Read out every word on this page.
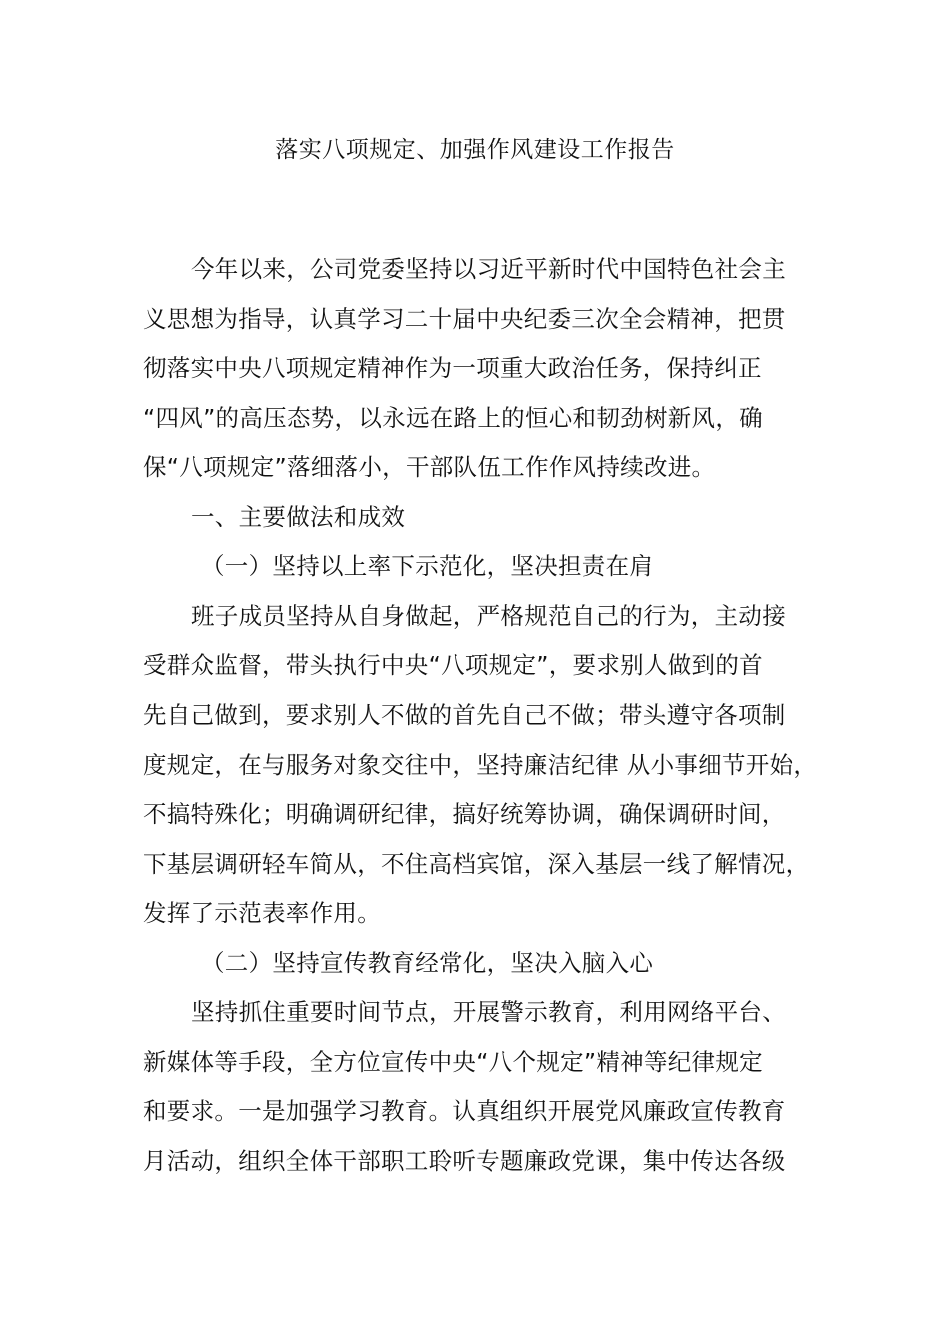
落实八项规定、加强作风建设工作报告

今年以来，公司党委坚持以习近平新时代中国特色社会主

义思想为指导，认真学习二十届中央纪委三次全会精神，把贯

彻落实中央八项规定精神作为一项重大政治任务，保持纠正

“四风”的高压态势，以永远在路上的恒心和韧劲树新风，确

保“八项规定”落细落小，干部队伍工作作风持续改进。

一、主要做法和成效

（一）坚持以上率下示范化，坚决担责在肩

班子成员坚持从自身做起，严格规范自己的行为，主动接

受群众监督，带头执行中央“八项规定”，要求别人做到的首

先自己做到，要求别人不做的首先自己不做；带头遵守各项制

度规定，在与服务对象交往中，坚持廉洁纪律 从小事细节开始，

不搞特殊化；明确调研纪律，搞好统筹协调，确保调研时间，

下基层调研轻车简从，不住高档宾馆，深入基层一线了解情况，

发挥了示范表率作用。

（二）坚持宣传教育经常化，坚决入脑入心

坚持抓住重要时间节点，开展警示教育，利用网络平台、

新媒体等手段，全方位宣传中央“八个规定”精神等纪律规定

和要求。一是加强学习教育。认真组织开展党风廉政宣传教育

月活动，组织全体干部职工聆听专题廉政党课，集中传达各级
